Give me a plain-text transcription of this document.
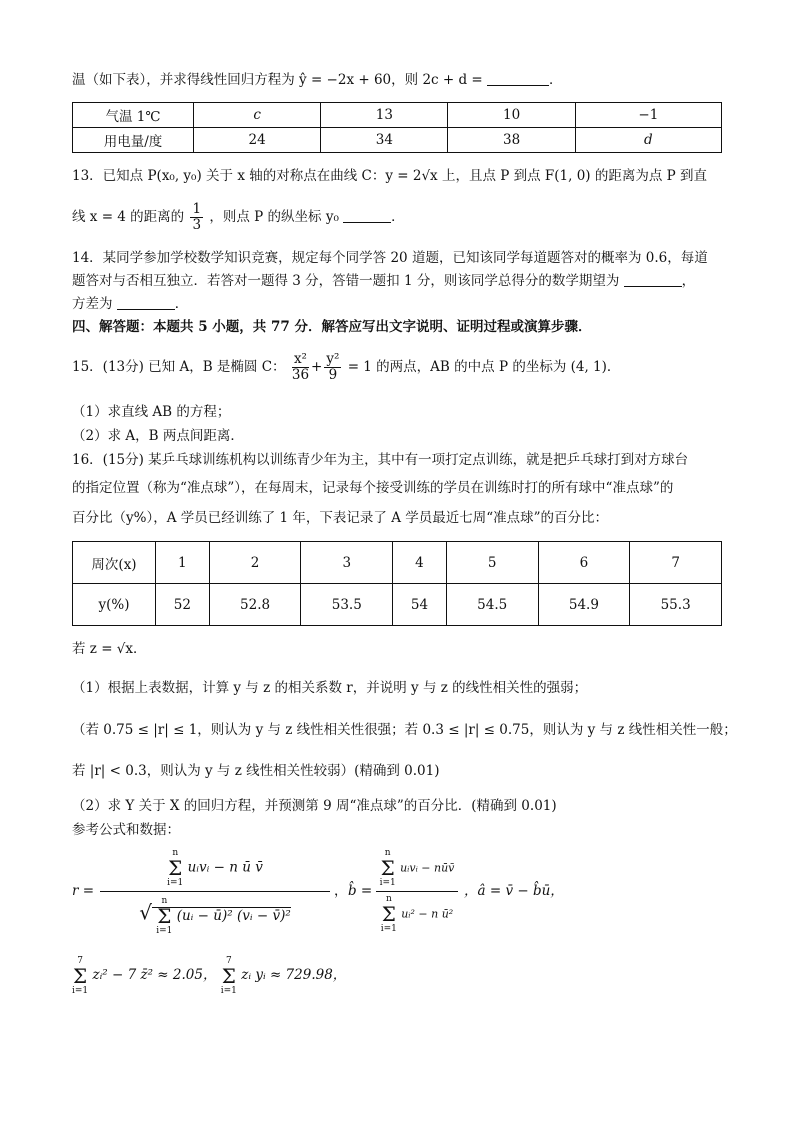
温（如下表），并求得线性回归方程为 ŷ = −2x + 60，则 2c + d =	．
气温 1℃	c	13	10	−1
用电量/度	24	34	38	d
13．已知点 P(x₀, y₀) 关于 x 轴的对称点在曲线 C：y = 2√x 上，且点 P 到点 F(1, 0) 的距离为点 P 到直
线 x = 4 的距离的 $\frac{1}{3}$ ，则点 P 的纵坐标 y₀	．
14．某同学参加学校数学知识竞赛，规定每个同学答 20 道题，已知该同学每道题答对的概率为 0.6，每道
题答对与否相互独立．若答对一题得 3 分，答错一题扣 1 分，则该同学总得分的数学期望为	，
方差为	．
四、解答题：本题共 5 小题，共 77 分．解答应写出文字说明、证明过程或演算步骤．
15．(13分) 已知 A，B 是椭圆 C： $\frac{\text{x²}}{36} + \frac{\text{y²}}{9} = 1$ 的两点，AB 的中点 P 的坐标为 (4, 1)．
（1）求直线 AB 的方程；
（2）求 A，B 两点间距离．
16．(15分) 某乒乓球训练机构以训练青少年为主，其中有一项打定点训练，就是把乒乓球打到对方球台
的指定位置（称为“准点球”），在每周末，记录每个接受训练的学员在训练时打的所有球中“准点球”的
百分比（y%），A 学员已经训练了 1 年，下表记录了 A 学员最近七周“准点球”的百分比：
周次(x)	1	2	3	4	5	6	7
y(%)	52	52.8	53.5	54	54.5	54.9	55.3
若 z = √x．
（1）根据上表数据，计算 y 与 z 的相关系数 r，并说明 y 与 z 的线性相关性的强弱；
（若 0.75 ≤ |r| ≤ 1，则认为 y 与 z 线性相关性很强；若 0.3 ≤ |r| ≤ 0.75，则认为 y 与 z 线性相关性一般；
若 |r| < 0.3，则认为 y 与 z 线性相关性较弱）(精确到 0.01)
（2）求 Y 关于 X 的回归方程，并预测第 9 周“准点球”的百分比．(精确到 0.01)
参考公式和数据：
r =
n
Σ
i=1
uᵢvᵢ − n ū v̄
√	n
Σ
i=1
(uᵢ − ū)² (vᵢ − v̄)²
， b̂ =
n
Σ
i=1
uᵢvᵢ − nūv̄
n
Σ
i=1
uᵢ² − n ū²
，â = v̄ − b̂ū，
7
Σ
i=1
zᵢ² − 7 z̄² ≈ 2.05，
7
Σ
i=1
zᵢ yᵢ ≈ 729.98，
